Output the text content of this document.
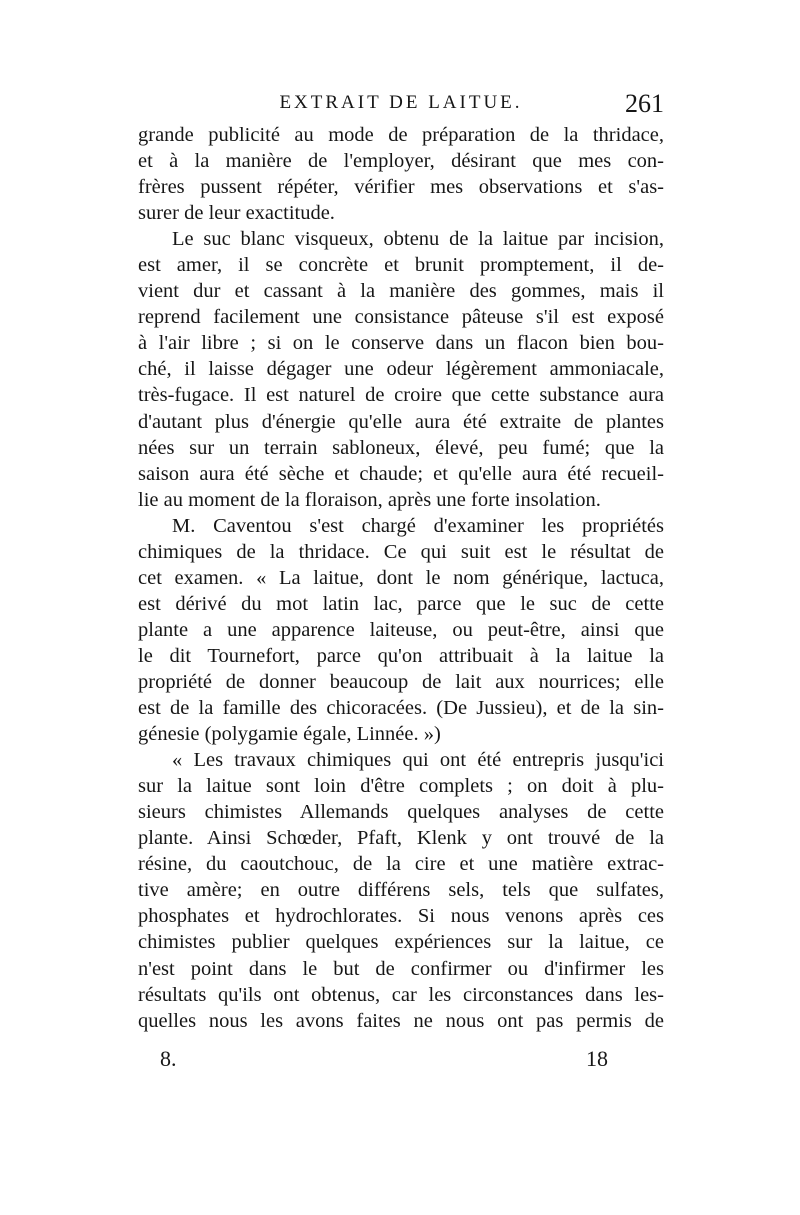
EXTRAIT DE LAITUE.	261
grande publicité au mode de préparation de la thridace,
et à la manière de l'employer, désirant que mes con-
frères pussent répéter, vérifier mes observations et s'as-
surer de leur exactitude.
Le suc blanc visqueux, obtenu de la laitue par incision,
est amer, il se concrète et brunit promptement, il de-
vient dur et cassant à la manière des gommes, mais il
reprend facilement une consistance pâteuse s'il est exposé
à l'air libre ; si on le conserve dans un flacon bien bou-
ché, il laisse dégager une odeur légèrement ammoniacale,
très-fugace. Il est naturel de croire que cette substance aura
d'autant plus d'énergie qu'elle aura été extraite de plantes
nées sur un terrain sabloneux, élevé, peu fumé; que la
saison aura été sèche et chaude; et qu'elle aura été recueil-
lie au moment de la floraison, après une forte insolation.
M. Caventou s'est chargé d'examiner les propriétés
chimiques de la thridace. Ce qui suit est le résultat de
cet examen. « La laitue, dont le nom générique, lactuca,
est dérivé du mot latin lac, parce que le suc de cette
plante a une apparence laiteuse, ou peut-être, ainsi que
le dit Tournefort, parce qu'on attribuait à la laitue la
propriété de donner beaucoup de lait aux nourrices; elle
est de la famille des chicoracées. (De Jussieu), et de la sin-
génesie (polygamie égale, Linnée. »)
« Les travaux chimiques qui ont été entrepris jusqu'ici
sur la laitue sont loin d'être complets ; on doit à plu-
sieurs chimistes Allemands quelques analyses de cette
plante. Ainsi Schœder, Pfaft, Klenk y ont trouvé de la
résine, du caoutchouc, de la cire et une matière extrac-
tive amère; en outre différens sels, tels que sulfates,
phosphates et hydrochlorates. Si nous venons après ces
chimistes publier quelques expériences sur la laitue, ce
n'est point dans le but de confirmer ou d'infirmer les
résultats qu'ils ont obtenus, car les circonstances dans les-
quelles nous les avons faites ne nous ont pas permis de
8.	18
